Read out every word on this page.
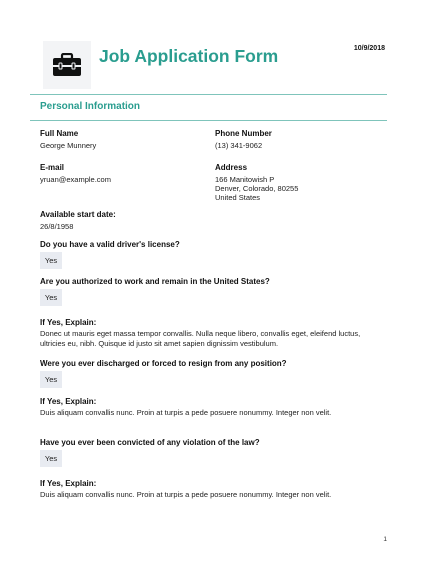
Job Application Form	10/9/2018
Personal Information
Full Name
George Munnery
Phone Number
(13) 341-9062
E-mail
yruan@example.com
Address
166 Manitowish P
Denver, Colorado, 80255
United States
Available start date:
26/8/1958
Do you have a valid driver's license?
Yes
Are you authorized to work and remain in the United States?
Yes
If Yes, Explain:
Donec ut mauris eget massa tempor convallis. Nulla neque libero, convallis eget, eleifend luctus, ultricies eu, nibh. Quisque id justo sit amet sapien dignissim vestibulum.
Were you ever discharged or forced to resign from any position?
Yes
If Yes, Explain:
Duis aliquam convallis nunc. Proin at turpis a pede posuere nonummy. Integer non velit.
Have you ever been convicted of any violation of the law?
Yes
If Yes, Explain:
Duis aliquam convallis nunc. Proin at turpis a pede posuere nonummy. Integer non velit.
1
